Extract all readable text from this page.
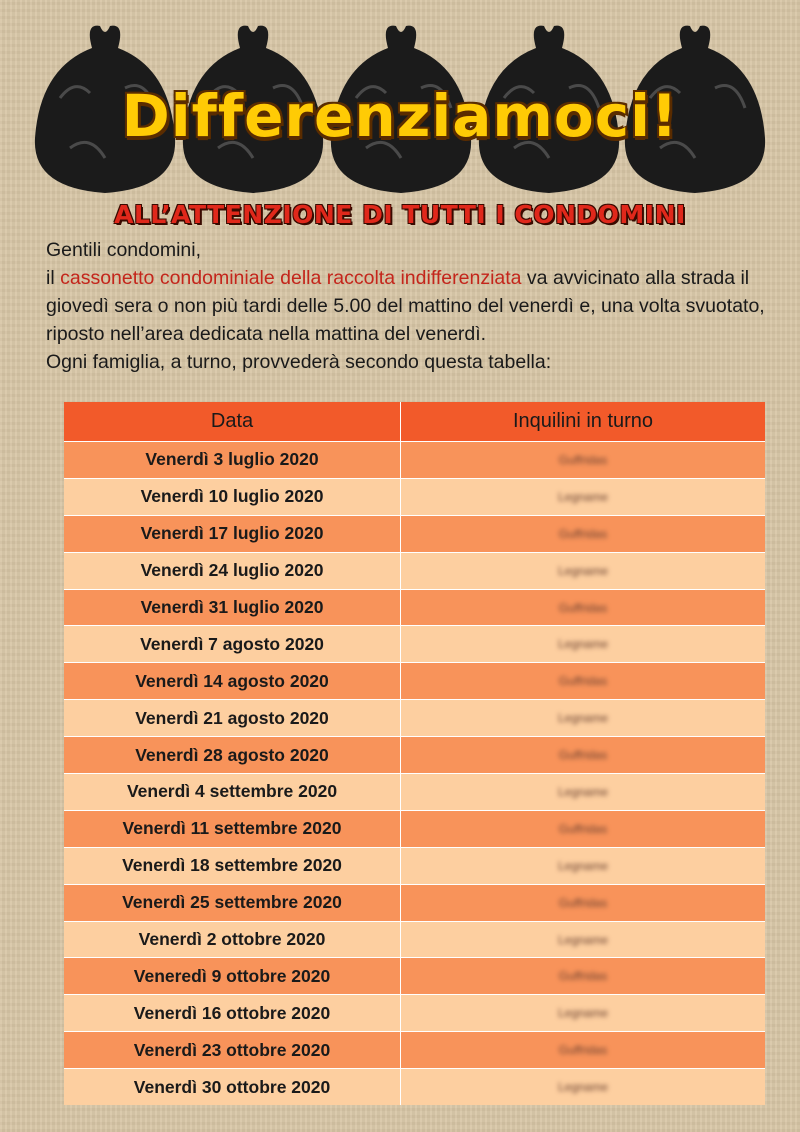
Differenziamoci!
ALL’ATTENZIONE DI TUTTI I CONDOMINI
Gentili condomini,
il cassonetto condominiale della raccolta indifferenziata va avvicinato alla strada il giovedì sera o non più tardi delle 5.00 del mattino del venerdì e, una volta svuotato, riposto nell’area dedicata nella mattina del venerdì.
Ogni famiglia, a turno, provvederà secondo questa tabella:
Data	Inquilini in turno
Venerdì 3 luglio 2020	Guffridas
Venerdì 10 luglio 2020	Legname
Venerdì 17 luglio 2020	Guffridas
Venerdì 24 luglio 2020	Legname
Venerdì 31 luglio 2020	Guffridas
Venerdì 7 agosto 2020	Legname
Venerdì 14 agosto 2020	Guffridas
Venerdì 21 agosto 2020	Legname
Venerdì 28 agosto 2020	Guffridas
Venerdì 4 settembre 2020	Legname
Venerdì 11 settembre 2020	Guffridas
Venerdì 18 settembre 2020	Legname
Venerdì 25 settembre 2020	Guffridas
Venerdì 2 ottobre 2020	Legname
Veneredì 9 ottobre 2020	Guffridas
Venerdì 16 ottobre 2020	Legname
Venerdì 23 ottobre 2020	Guffridas
Venerdì 30 ottobre 2020	Legname
